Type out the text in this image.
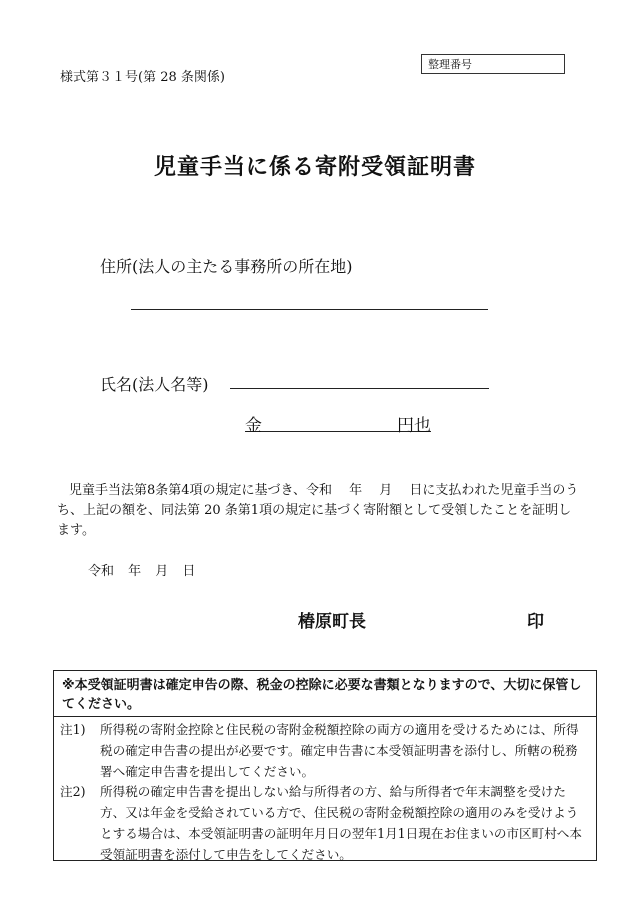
様式第３１号(第 28 条関係)
整理番号
児童手当に係る寄附受領証明書
住所(法人の主たる事務所の所在地)
氏名(法人名等)
金	円也
児童手当法第8条第4項の規定に基づき、令和　 年　 月　 日に支払われた児童手当のうち、上記の額を、同法第 20 条第1項の規定に基づく寄附額として受領したことを証明します。
令和 年 月 日
椿原町長	印
※本受領証明書は確定申告の際、税金の控除に必要な書類となりますので、大切に保管してください。
注1) 所得税の寄附金控除と住民税の寄附金税額控除の両方の適用を受けるためには、所得税の確定申告書の提出が必要です。確定申告書に本受領証明書を添付し、所轄の税務署へ確定申告書を提出してください。
注2) 所得税の確定申告書を提出しない給与所得者の方、給与所得者で年末調整を受けた方、又は年金を受給されている方で、住民税の寄附金税額控除の適用のみを受けようとする場合は、本受領証明書の証明年月日の翌年1月1日現在お住まいの市区町村へ本受領証明書を添付して申告をしてください。
